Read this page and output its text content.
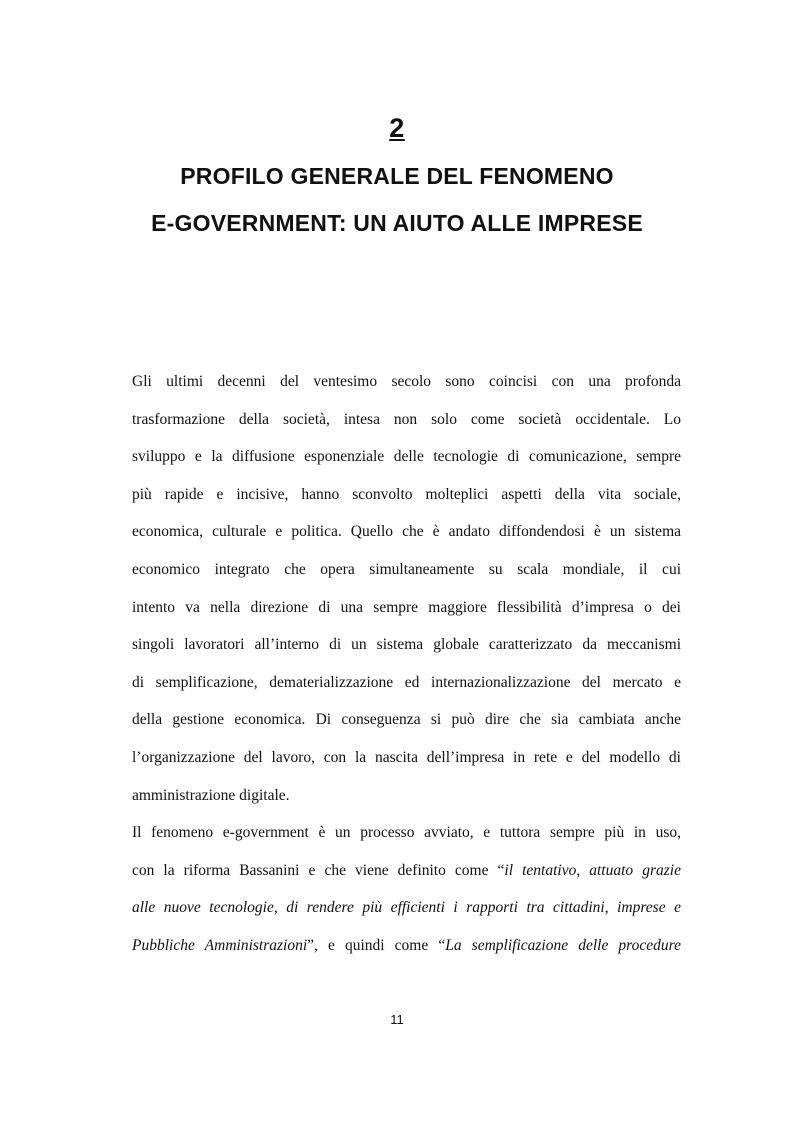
2
PROFILO GENERALE DEL FENOMENO
E-GOVERNMENT: UN AIUTO ALLE IMPRESE
Gli ultimi decenni del ventesimo secolo sono coincisi con una profonda
trasformazione della società, intesa non solo come società occidentale. Lo
sviluppo e la diffusione esponenziale delle tecnologie di comunicazione, sempre
più rapide e incisive, hanno sconvolto molteplici aspetti della vita sociale,
economica, culturale e politica. Quello che è andato diffondendosi è un sistema
economico integrato che opera simultaneamente su scala mondiale, il cui
intento va nella direzione di una sempre maggiore flessibilità d’impresa o dei
singoli lavoratori all’interno di un sistema globale caratterizzato da meccanismi
di semplificazione, dematerializzazione ed internazionalizzazione del mercato e
della gestione economica. Di conseguenza si può dire che sia cambiata anche
l’organizzazione del lavoro, con la nascita dell’impresa in rete e del modello di
amministrazione digitale.
Il fenomeno e-government è un processo avviato, e tuttora sempre più in uso,
con la riforma Bassanini e che viene definito come “il tentativo, attuato grazie
alle nuove tecnologie, di rendere più efficienti i rapporti tra cittadini, imprese e
Pubbliche Amministrazioni”, e quindi come “La semplificazione delle procedure
11
